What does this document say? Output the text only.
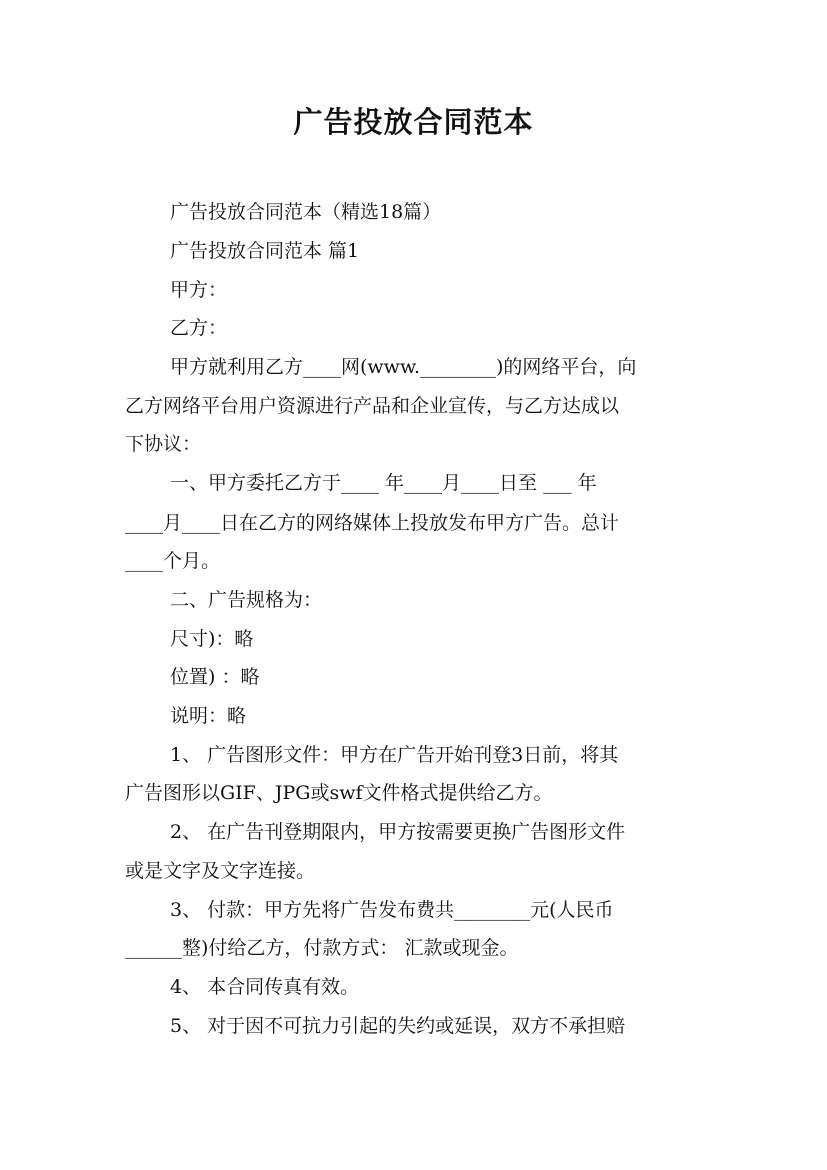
广告投放合同范本
广告投放合同范本（精选18篇）
广告投放合同范本 篇1
甲方：
乙方：
甲方就利用乙方____网(www.________)的网络平台，向
乙方网络平台用户资源进行产品和企业宣传，与乙方达成以
下协议：
一、甲方委托乙方于____ 年____月____日至 ___ 年
____月____日在乙方的网络媒体上投放发布甲方广告。总计
____个月。
二、广告规格为：
尺寸)：略
位置) ：略
说明：略
1、 广告图形文件：甲方在广告开始刊登3日前，将其
广告图形以GIF、JPG或swf文件格式提供给乙方。
2、 在广告刊登期限内，甲方按需要更换广告图形文件
或是文字及文字连接。
3、 付款：甲方先将广告发布费共________元(人民币
______整)付给乙方，付款方式： 汇款或现金。
4、 本合同传真有效。
5、 对于因不可抗力引起的失约或延误，双方不承担赔
